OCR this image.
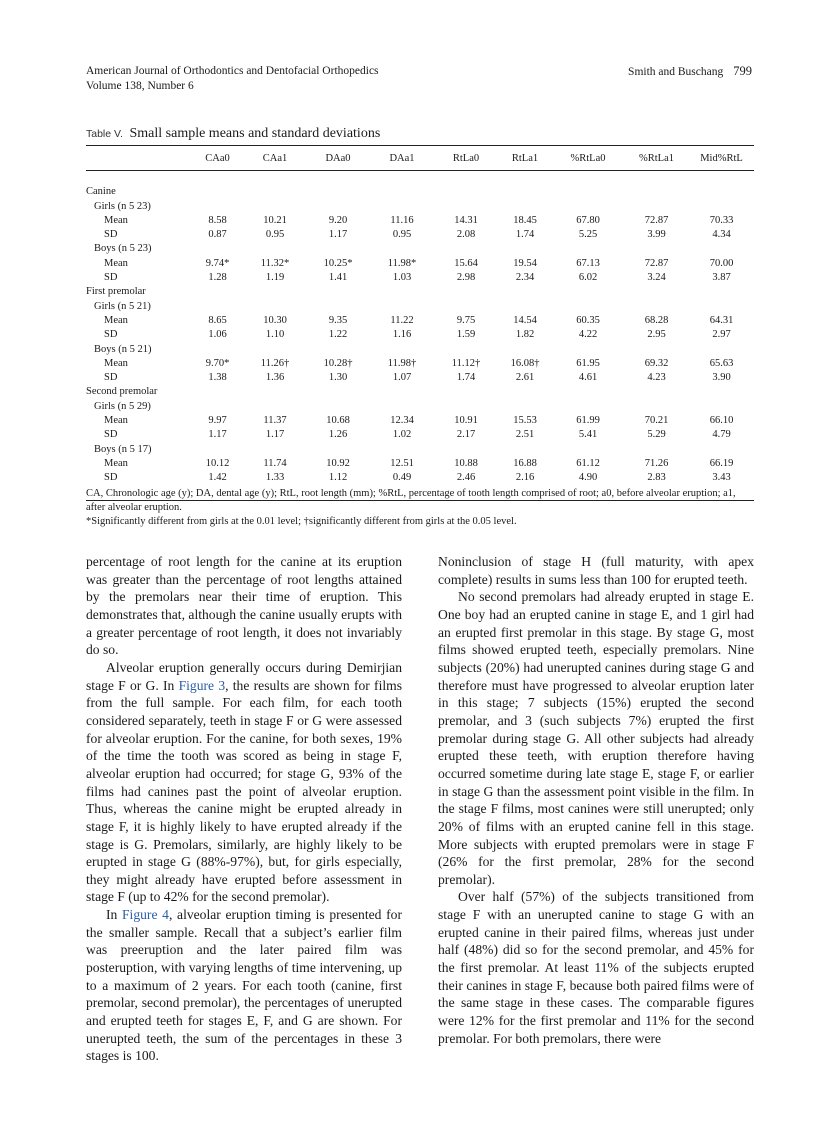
American Journal of Orthodontics and Dentofacial Orthopedics
Volume 138, Number 6
Smith and Buschang 799
Table V. Small sample means and standard deviations
	CAa0	CAa1	DAa0	DAa1	RtLa0	RtLa1	%RtLa0	%RtLa1	Mid%RtL

Canine									
Girls (n 5 23)									
Mean	8.58	10.21	9.20	11.16	14.31	18.45	67.80	72.87	70.33
SD	0.87	0.95	1.17	0.95	2.08	1.74	5.25	3.99	4.34
Boys (n 5 23)									
Mean	9.74*	11.32*	10.25*	11.98*	15.64	19.54	67.13	72.87	70.00
SD	1.28	1.19	1.41	1.03	2.98	2.34	6.02	3.24	3.87
First premolar									
Girls (n 5 21)									
Mean	8.65	10.30	9.35	11.22	9.75	14.54	60.35	68.28	64.31
SD	1.06	1.10	1.22	1.16	1.59	1.82	4.22	2.95	2.97
Boys (n 5 21)									
Mean	9.70*	11.26†	10.28†	11.98†	11.12†	16.08†	61.95	69.32	65.63
SD	1.38	1.36	1.30	1.07	1.74	2.61	4.61	4.23	3.90
Second premolar									
Girls (n 5 29)									
Mean	9.97	11.37	10.68	12.34	10.91	15.53	61.99	70.21	66.10
SD	1.17	1.17	1.26	1.02	2.17	2.51	5.41	5.29	4.79
Boys (n 5 17)									
Mean	10.12	11.74	10.92	12.51	10.88	16.88	61.12	71.26	66.19
SD	1.42	1.33	1.12	0.49	2.46	2.16	4.90	2.83	3.43

CA, Chronologic age (y); DA, dental age (y); RtL, root length (mm); %RtL, percentage of tooth length comprised of root; a0, before alveolar eruption; a1, after alveolar eruption.
*Significantly different from girls at the 0.01 level; †significantly different from girls at the 0.05 level.

percentage of root length for the canine at its eruption was greater than the percentage of root lengths attained by the premolars near their time of eruption. This demonstrates that, although the canine usually erupts with a greater percentage of root length, it does not invariably do so.

Alveolar eruption generally occurs during Demirjian stage F or G. In Figure 3, the results are shown for films from the full sample. For each film, for each tooth considered separately, teeth in stage F or G were assessed for alveolar eruption. For the canine, for both sexes, 19% of the time the tooth was scored as being in stage F, alveolar eruption had occurred; for stage G, 93% of the films had canines past the point of alveolar eruption. Thus, whereas the canine might be erupted already in stage F, it is highly likely to have erupted already if the stage is G. Premolars, similarly, are highly likely to be erupted in stage G (88%-97%), but, for girls especially, they might already have erupted before assessment in stage F (up to 42% for the second premolar).

In Figure 4, alveolar eruption timing is presented for the smaller sample. Recall that a subject’s earlier film was preeruption and the later paired film was posteruption, with varying lengths of time intervening, up to a maximum of 2 years. For each tooth (canine, first premolar, second premolar), the percentages of unerupted and erupted teeth for stages E, F, and G are shown. For unerupted teeth, the sum of the percentages in these 3 stages is 100.

Noninclusion of stage H (full maturity, with apex complete) results in sums less than 100 for erupted teeth.

No second premolars had already erupted in stage E. One boy had an erupted canine in stage E, and 1 girl had an erupted first premolar in this stage. By stage G, most films showed erupted teeth, especially premolars. Nine subjects (20%) had unerupted canines during stage G and therefore must have progressed to alveolar eruption later in this stage; 7 subjects (15%) erupted the second premolar, and 3 (such subjects 7%) erupted the first premolar during stage G. All other subjects had already erupted these teeth, with eruption therefore having occurred sometime during late stage E, stage F, or earlier in stage G than the assessment point visible in the film. In the stage F films, most canines were still unerupted; only 20% of films with an erupted canine fell in this stage. More subjects with erupted premolars were in stage F (26% for the first premolar, 28% for the second premolar).

Over half (57%) of the subjects transitioned from stage F with an unerupted canine to stage G with an erupted canine in their paired films, whereas just under half (48%) did so for the second premolar, and 45% for the first premolar. At least 11% of the subjects erupted their canines in stage F, because both paired films were of the same stage in these cases. The comparable figures were 12% for the first premolar and 11% for the second premolar. For both premolars, there were
